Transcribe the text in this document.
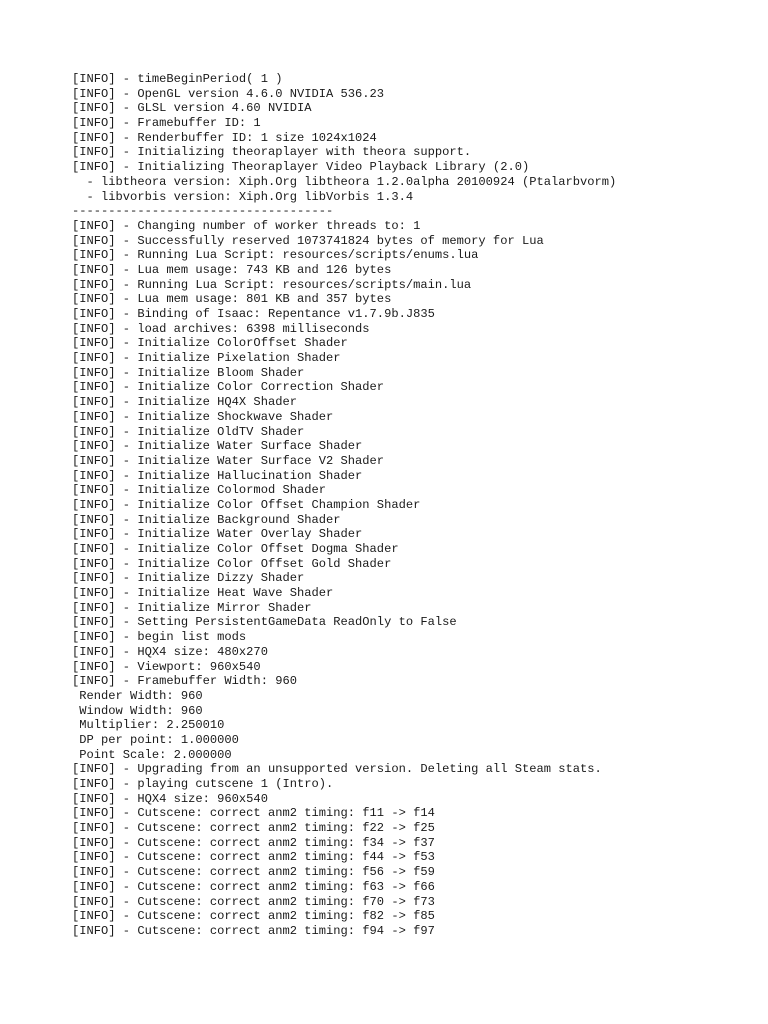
[INFO] - timeBeginPeriod( 1 )
[INFO] - OpenGL version 4.6.0 NVIDIA 536.23
[INFO] - GLSL version 4.60 NVIDIA
[INFO] - Framebuffer ID: 1
[INFO] - Renderbuffer ID: 1 size 1024x1024
[INFO] - Initializing theoraplayer with theora support.
[INFO] - Initializing Theoraplayer Video Playback Library (2.0)
- libtheora version: Xiph.Org libtheora 1.2.0alpha 20100924 (Ptalarbvorm)
- libvorbis version: Xiph.Org libVorbis 1.3.4
------------------------------------
[INFO] - Changing number of worker threads to: 1
[INFO] - Successfully reserved 1073741824 bytes of memory for Lua
[INFO] - Running Lua Script: resources/scripts/enums.lua
[INFO] - Lua mem usage: 743 KB and 126 bytes
[INFO] - Running Lua Script: resources/scripts/main.lua
[INFO] - Lua mem usage: 801 KB and 357 bytes
[INFO] - Binding of Isaac: Repentance v1.7.9b.J835
[INFO] - load archives: 6398 milliseconds
[INFO] - Initialize ColorOffset Shader
[INFO] - Initialize Pixelation Shader
[INFO] - Initialize Bloom Shader
[INFO] - Initialize Color Correction Shader
[INFO] - Initialize HQ4X Shader
[INFO] - Initialize Shockwave Shader
[INFO] - Initialize OldTV Shader
[INFO] - Initialize Water Surface Shader
[INFO] - Initialize Water Surface V2 Shader
[INFO] - Initialize Hallucination Shader
[INFO] - Initialize Colormod Shader
[INFO] - Initialize Color Offset Champion Shader
[INFO] - Initialize Background Shader
[INFO] - Initialize Water Overlay Shader
[INFO] - Initialize Color Offset Dogma Shader
[INFO] - Initialize Color Offset Gold Shader
[INFO] - Initialize Dizzy Shader
[INFO] - Initialize Heat Wave Shader
[INFO] - Initialize Mirror Shader
[INFO] - Setting PersistentGameData ReadOnly to False
[INFO] - begin list mods
[INFO] - HQX4 size: 480x270
[INFO] - Viewport: 960x540
[INFO] - Framebuffer Width: 960
Render Width: 960
Window Width: 960
Multiplier: 2.250010
DP per point: 1.000000
Point Scale: 2.000000
[INFO] - Upgrading from an unsupported version. Deleting all Steam stats.
[INFO] - playing cutscene 1 (Intro).
[INFO] - HQX4 size: 960x540
[INFO] - Cutscene: correct anm2 timing: f11 -> f14
[INFO] - Cutscene: correct anm2 timing: f22 -> f25
[INFO] - Cutscene: correct anm2 timing: f34 -> f37
[INFO] - Cutscene: correct anm2 timing: f44 -> f53
[INFO] - Cutscene: correct anm2 timing: f56 -> f59
[INFO] - Cutscene: correct anm2 timing: f63 -> f66
[INFO] - Cutscene: correct anm2 timing: f70 -> f73
[INFO] - Cutscene: correct anm2 timing: f82 -> f85
[INFO] - Cutscene: correct anm2 timing: f94 -> f97
